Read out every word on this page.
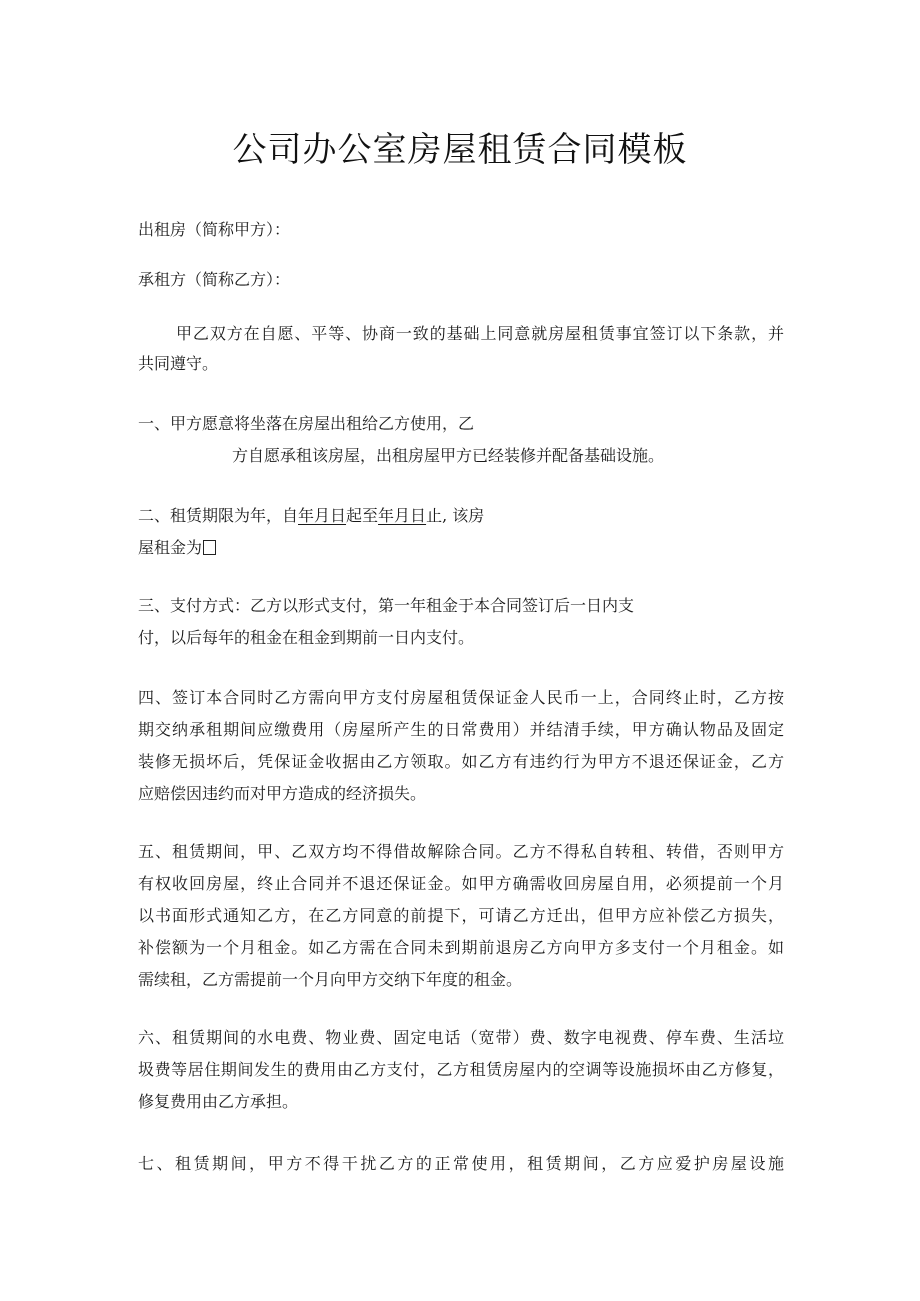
公司办公室房屋租赁合同模板
出租房（简称甲方）：
承租方（简称乙方）：
甲乙双方在自愿、平等、协商一致的基础上同意就房屋租赁事宜签订以下条款，并
共同遵守。
一、甲方愿意将坐落在房屋出租给乙方使用，乙
方自愿承租该房屋，出租房屋甲方已经装修并配备基础设施。
二、租赁期限为年，自年月日起至年月日止, 该房
屋租金为
三、支付方式：乙方以形式支付，第一年租金于本合同签订后一日内支
付，以后每年的租金在租金到期前一日内支付。
四、签订本合同时乙方需向甲方支付房屋租赁保证金人民币一上，合同终止时，乙方按
期交纳承租期间应缴费用（房屋所产生的日常费用）并结清手续，甲方确认物品及固定
装修无损坏后，凭保证金收据由乙方领取。如乙方有违约行为甲方不退还保证金，乙方
应赔偿因违约而对甲方造成的经济损失。
五、租赁期间，甲、乙双方均不得借故解除合同。乙方不得私自转租、转借，否则甲方
有权收回房屋，终止合同并不退还保证金。如甲方确需收回房屋自用，必须提前一个月
以书面形式通知乙方，在乙方同意的前提下，可请乙方迁出，但甲方应补偿乙方损失，
补偿额为一个月租金。如乙方需在合同未到期前退房乙方向甲方多支付一个月租金。如
需续租，乙方需提前一个月向甲方交纳下年度的租金。
六、租赁期间的水电费、物业费、固定电话（宽带）费、数字电视费、停车费、生活垃
圾费等居住期间发生的费用由乙方支付，乙方租赁房屋内的空调等设施损坏由乙方修复，
修复费用由乙方承担。
七、租赁期间，甲方不得干扰乙方的正常使用，租赁期间，乙方应爱护房屋设施
